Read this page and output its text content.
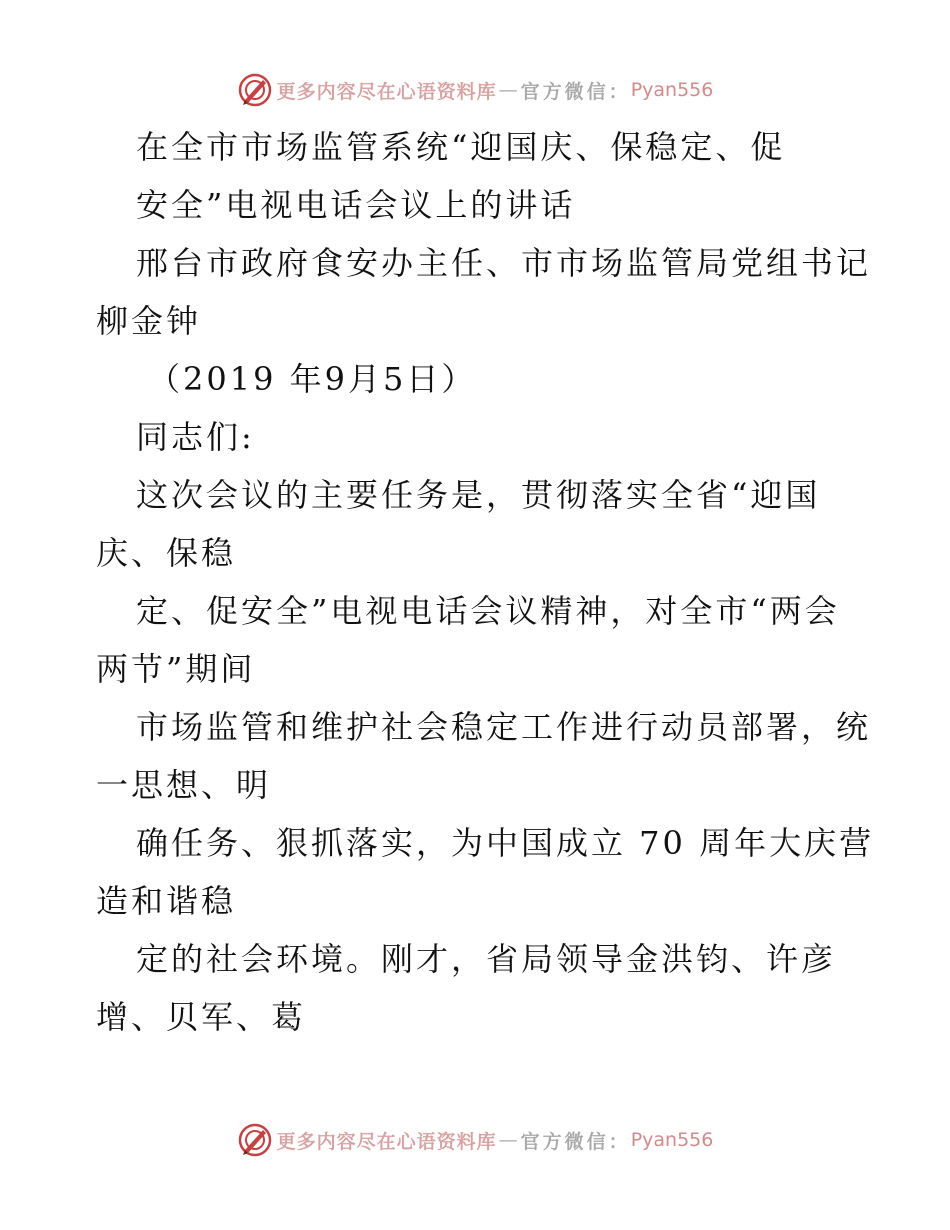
更多内容尽在心语资料库 — 官方微信： Pyan556
在全市市场监管系统“迎国庆、保稳定、促
安全”电视电话会议上的讲话
邢台市政府食安办主任、市市场监管局党组书记
柳金钟
（2019 年9月5日）
同志们:
这次会议的主要任务是，贯彻落实全省“迎国
庆、保稳
定、促安全”电视电话会议精神，对全市“两会
两节”期间
市场监管和维护社会稳定工作进行动员部署，统
一思想、明
确任务、狠抓落实，为中国成立 70 周年大庆营
造和谐稳
定的社会环境。刚才，省局领导金洪钧、许彦
增、贝军、葛
更多内容尽在心语资料库 — 官方微信： Pyan556
